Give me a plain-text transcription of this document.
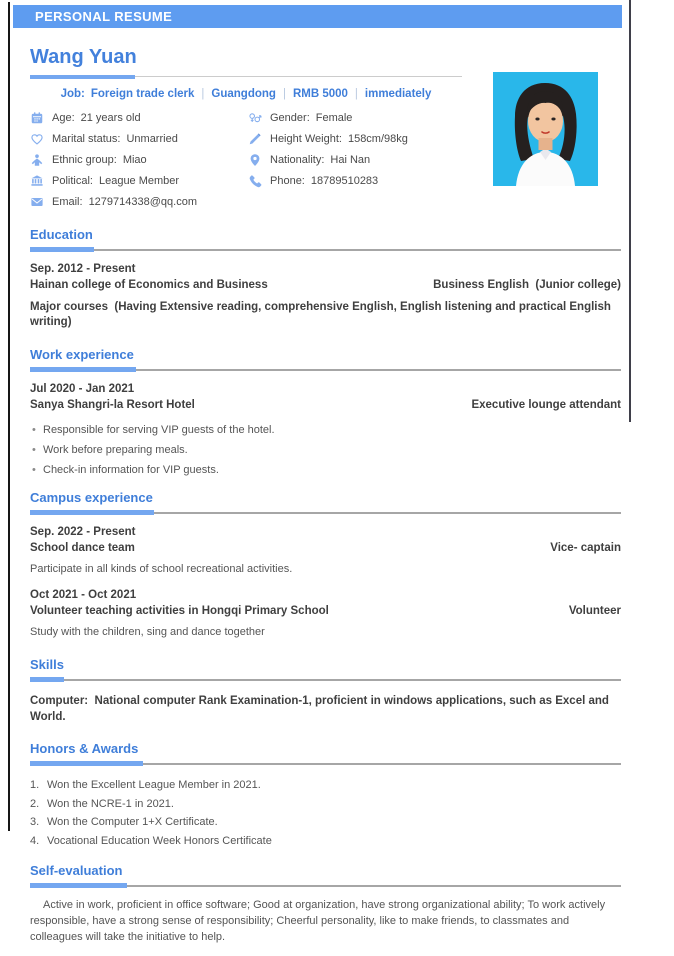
PERSONAL RESUME
Wang Yuan
Job: Foreign trade clerk | Guangdong | RMB 5000 | immediately
Age: 21 years old
Marital status: Unmarried
Ethnic group: Miao
Political: League Member
Email: 1279714338@qq.com
Gender: Female
Height Weight: 158cm/98kg
Nationality: Hai Nan
Phone: 18789510283
Education
Sep. 2012 - Present
Hainan college of Economics and Business	Business English  (Junior college)
Major courses  (Having Extensive reading, comprehensive English, English listening and practical English writing)
Work experience
Jul 2020 - Jan 2021
Sanya Shangri-la Resort Hotel	Executive lounge attendant
• Responsible for serving VIP guests of the hotel.
• Work before preparing meals.
• Check-in information for VIP guests.
Campus experience
Sep. 2022 - Present
School dance team	Vice- captain
Participate in all kinds of school recreational activities.
Oct 2021 - Oct 2021
Volunteer teaching activities in Hongqi Primary School	Volunteer
Study with the children, sing and dance together
Skills
Computer:  National computer Rank Examination-1, proficient in windows applications, such as Excel and World.
Honors & Awards
1. Won the Excellent League Member in 2021.
2. Won the NCRE-1 in 2021.
3. Won the Computer 1+X Certificate.
4. Vocational Education Week Honors Certificate
Self-evaluation

Active in work, proficient in office software; Good at organization, have strong organizational ability; To work actively responsible, have a strong sense of responsibility; Cheerful personality, like to make friends, to classmates and colleagues will take the initiative to help.
